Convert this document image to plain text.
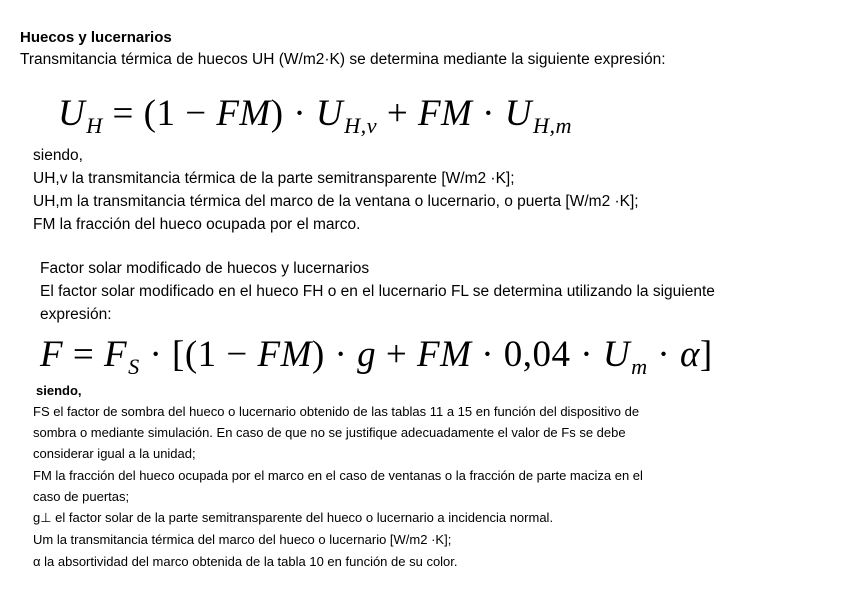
Huecos y lucernarios
Transmitancia térmica de huecos UH (W/m2·K) se determina mediante la siguiente expresión:
$U_H = (1 - FM) \cdot U_{H,v}$ + FM · $U_{H,m}$
siendo,
UH,v la transmitancia térmica de la parte semitransparente [W/m2 ·K];
UH,m la transmitancia térmica del marco de la ventana o lucernario, o puerta [W/m2 ·K];
FM la fracción del hueco ocupada por el marco.
Factor solar modificado de huecos y lucernarios
El factor solar modificado en el hueco FH o en el lucernario FL se determina utilizando la siguiente
expresión:
$F = F_S \cdot [(1 - FM) \cdot g$ + FM · $0,04 \cdot U_m \cdot \alpha$]
siendo,
FS el factor de sombra del hueco o lucernario obtenido de las tablas 11 a 15 en función del dispositivo de
sombra o mediante simulación. En caso de que no se justifique adecuadamente el valor de Fs se debe
considerar igual a la unidad;
FM la fracción del hueco ocupada por el marco en el caso de ventanas o la fracción de parte maciza en el
caso de puertas;
g⊥ el factor solar de la parte semitransparente del hueco o lucernario a incidencia normal.
Um la transmitancia térmica del marco del hueco o lucernario [W/m2 ·K];
α la absortividad del marco obtenida de la tabla 10 en función de su color.
